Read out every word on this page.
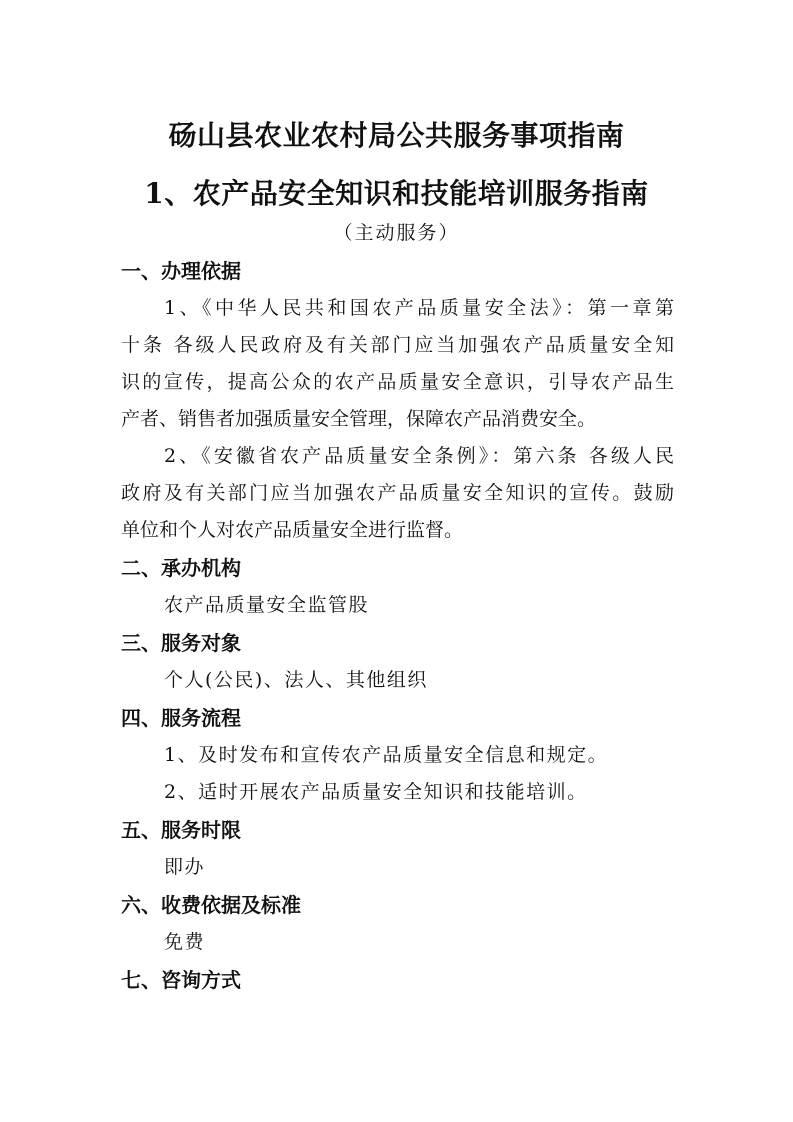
砀山县农业农村局公共服务事项指南
1、农产品安全知识和技能培训服务指南
（主动服务）
一、办理依据
1、《中华人民共和国农产品质量安全法》：第一章第
十条 各级人民政府及有关部门应当加强农产品质量安全知
识的宣传，提高公众的农产品质量安全意识，引导农产品生
产者、销售者加强质量安全管理，保障农产品消费安全。
2、《安徽省农产品质量安全条例》：第六条 各级人民
政府及有关部门应当加强农产品质量安全知识的宣传。鼓励
单位和个人对农产品质量安全进行监督。
二、承办机构
农产品质量安全监管股
三、服务对象
个人(公民)、法人、其他组织
四、服务流程
1、及时发布和宣传农产品质量安全信息和规定。
2、适时开展农产品质量安全知识和技能培训。
五、服务时限
即办
六、收费依据及标准
免费
七、咨询方式
